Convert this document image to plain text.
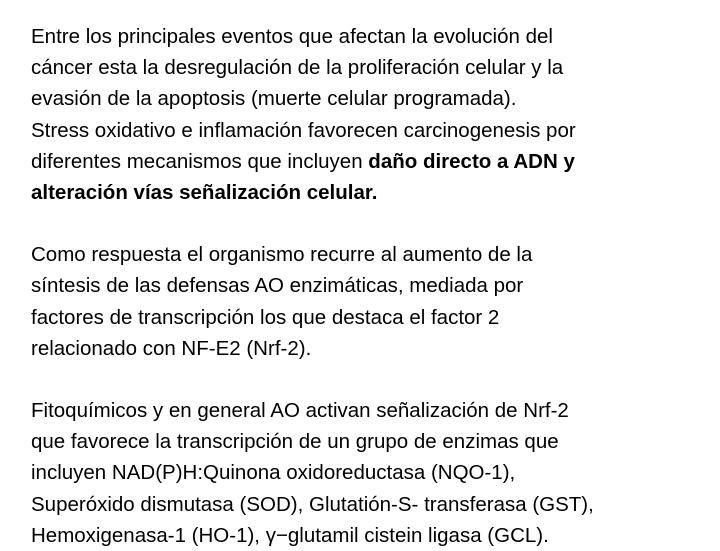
Entre los principales eventos que afectan la evolución del
cáncer esta la desregulación de la proliferación celular y la
evasión de la apoptosis (muerte celular programada).
Stress oxidativo e inflamación favorecen carcinogenesis por
diferentes mecanismos que incluyen daño directo a ADN y
alteración vías señalización celular.

Como respuesta el organismo recurre al aumento de la
síntesis de las defensas AO enzimáticas, mediada por
factores de transcripción los que destaca el factor 2
relacionado con NF-E2 (Nrf-2).

Fitoquímicos y en general AO activan señalización de Nrf-2
que favorece la transcripción de un grupo de enzimas que
incluyen NAD(P)H:Quinona oxidoreductasa (NQO-1),
Superóxido dismutasa (SOD), Glutatión-S- transferasa (GST),
Hemoxigenasa-1 (HO-1), γ−glutamil cistein ligasa (GCL).
